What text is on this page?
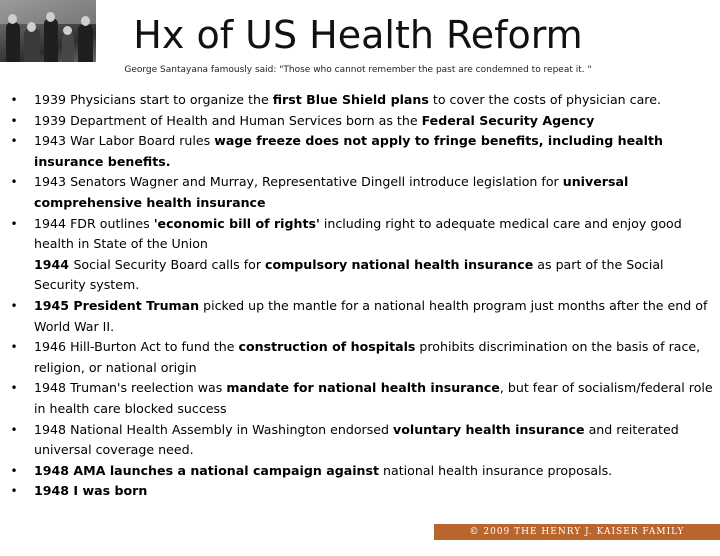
Hx of US Health Reform
George Santayana famously said: "Those who cannot remember the past are condemned to repeat it. "
• 1939 Physicians start to organize the first Blue Shield plans to cover the costs of physician care.
• 1939 Department of Health and Human Services born as the Federal Security Agency
• 1943 War Labor Board rules wage freeze does not apply to fringe benefits, including health insurance benefits.
• 1943 Senators Wagner and Murray, Representative Dingell introduce legislation for universal comprehensive health insurance
• 1944 FDR outlines 'economic bill of rights' including right to adequate medical care and enjoy good health in State of the Union
1944 Social Security Board calls for compulsory national health insurance as part of the Social Security system.
• 1945 President Truman picked up the mantle for a national health program just months after the end of World War II.
• 1946 Hill-Burton Act to fund the construction of hospitals prohibits discrimination on the basis of race, religion, or national origin
• 1948 Truman's reelection was mandate for national health insurance, but fear of socialism/federal role in health care blocked success
• 1948 National Health Assembly in Washington endorsed voluntary health insurance and reiterated universal coverage need.
• 1948 AMA launches a national campaign against national health insurance proposals.
• 1948 I was born
© 2009 THE HENRY J. KAISER FAMILY FOUNDATION
